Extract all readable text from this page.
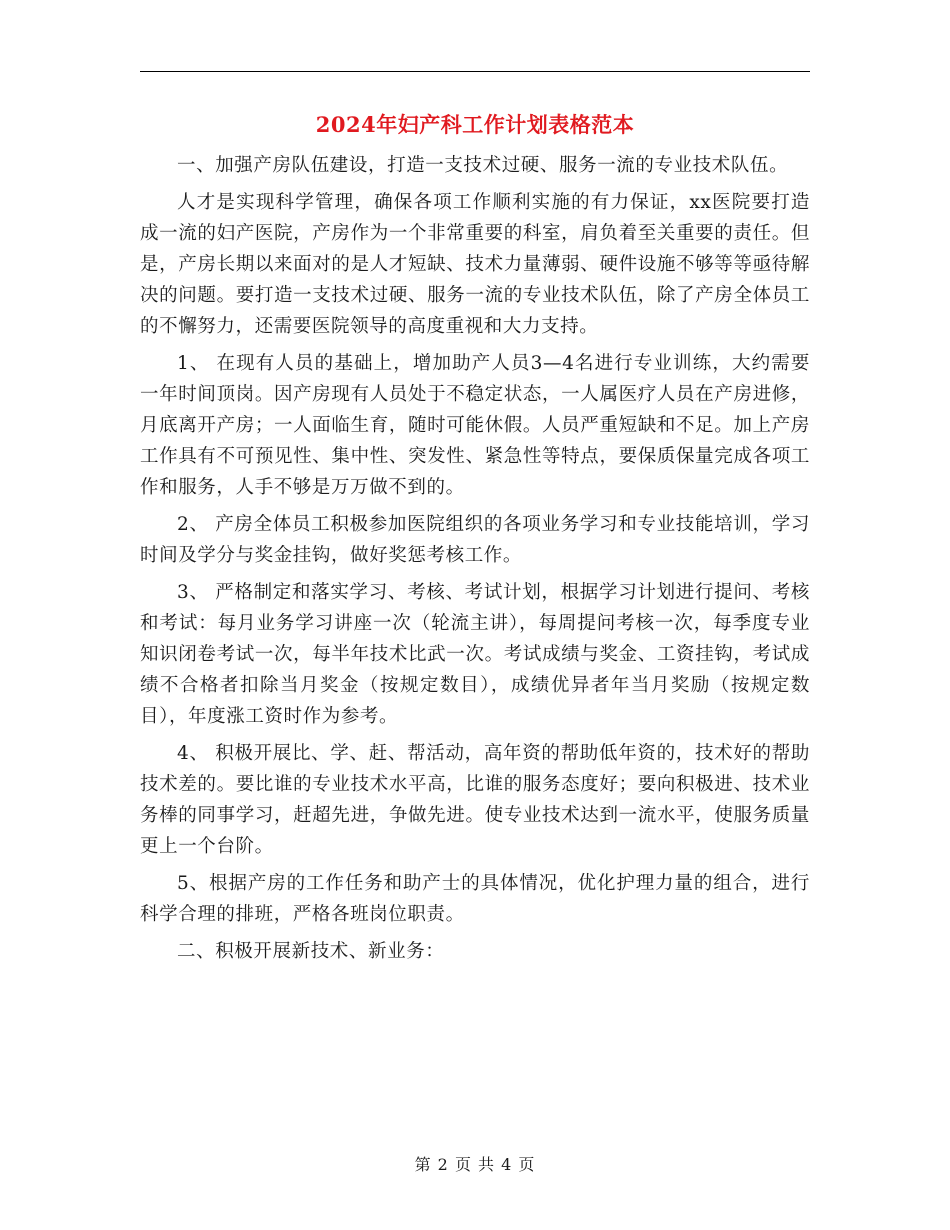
2024年妇产科工作计划表格范本

一、加强产房队伍建设，打造一支技术过硬、服务一流的专业技术队伍。

人才是实现科学管理，确保各项工作顺利实施的有力保证，xx医院要打造成一流的妇产医院，产房作为一个非常重要的科室，肩负着至关重要的责任。但是，产房长期以来面对的是人才短缺、技术力量薄弱、硬件设施不够等等亟待解决的问题。要打造一支技术过硬、服务一流的专业技术队伍，除了产房全体员工的不懈努力，还需要医院领导的高度重视和大力支持。

1、 在现有人员的基础上，增加助产人员3—4名进行专业训练，大约需要一年时间顶岗。因产房现有人员处于不稳定状态，一人属医疗人员在产房进修，月底离开产房；一人面临生育，随时可能休假。人员严重短缺和不足。加上产房工作具有不可预见性、集中性、突发性、紧急性等特点，要保质保量完成各项工作和服务，人手不够是万万做不到的。

2、 产房全体员工积极参加医院组织的各项业务学习和专业技能培训，学习时间及学分与奖金挂钩，做好奖惩考核工作。

3、 严格制定和落实学习、考核、考试计划，根据学习计划进行提问、考核和考试：每月业务学习讲座一次（轮流主讲），每周提问考核一次，每季度专业知识闭卷考试一次，每半年技术比武一次。考试成绩与奖金、工资挂钩，考试成绩不合格者扣除当月奖金（按规定数目），成绩优异者年当月奖励（按规定数目），年度涨工资时作为参考。

4、 积极开展比、学、赶、帮活动，高年资的帮助低年资的，技术好的帮助技术差的。要比谁的专业技术水平高，比谁的服务态度好；要向积极进、技术业务棒的同事学习，赶超先进，争做先进。使专业技术达到一流水平，使服务质量更上一个台阶。

5、根据产房的工作任务和助产士的具体情况，优化护理力量的组合，进行科学合理的排班，严格各班岗位职责。

二、积极开展新技术、新业务：

第 2 页 共 4 页
